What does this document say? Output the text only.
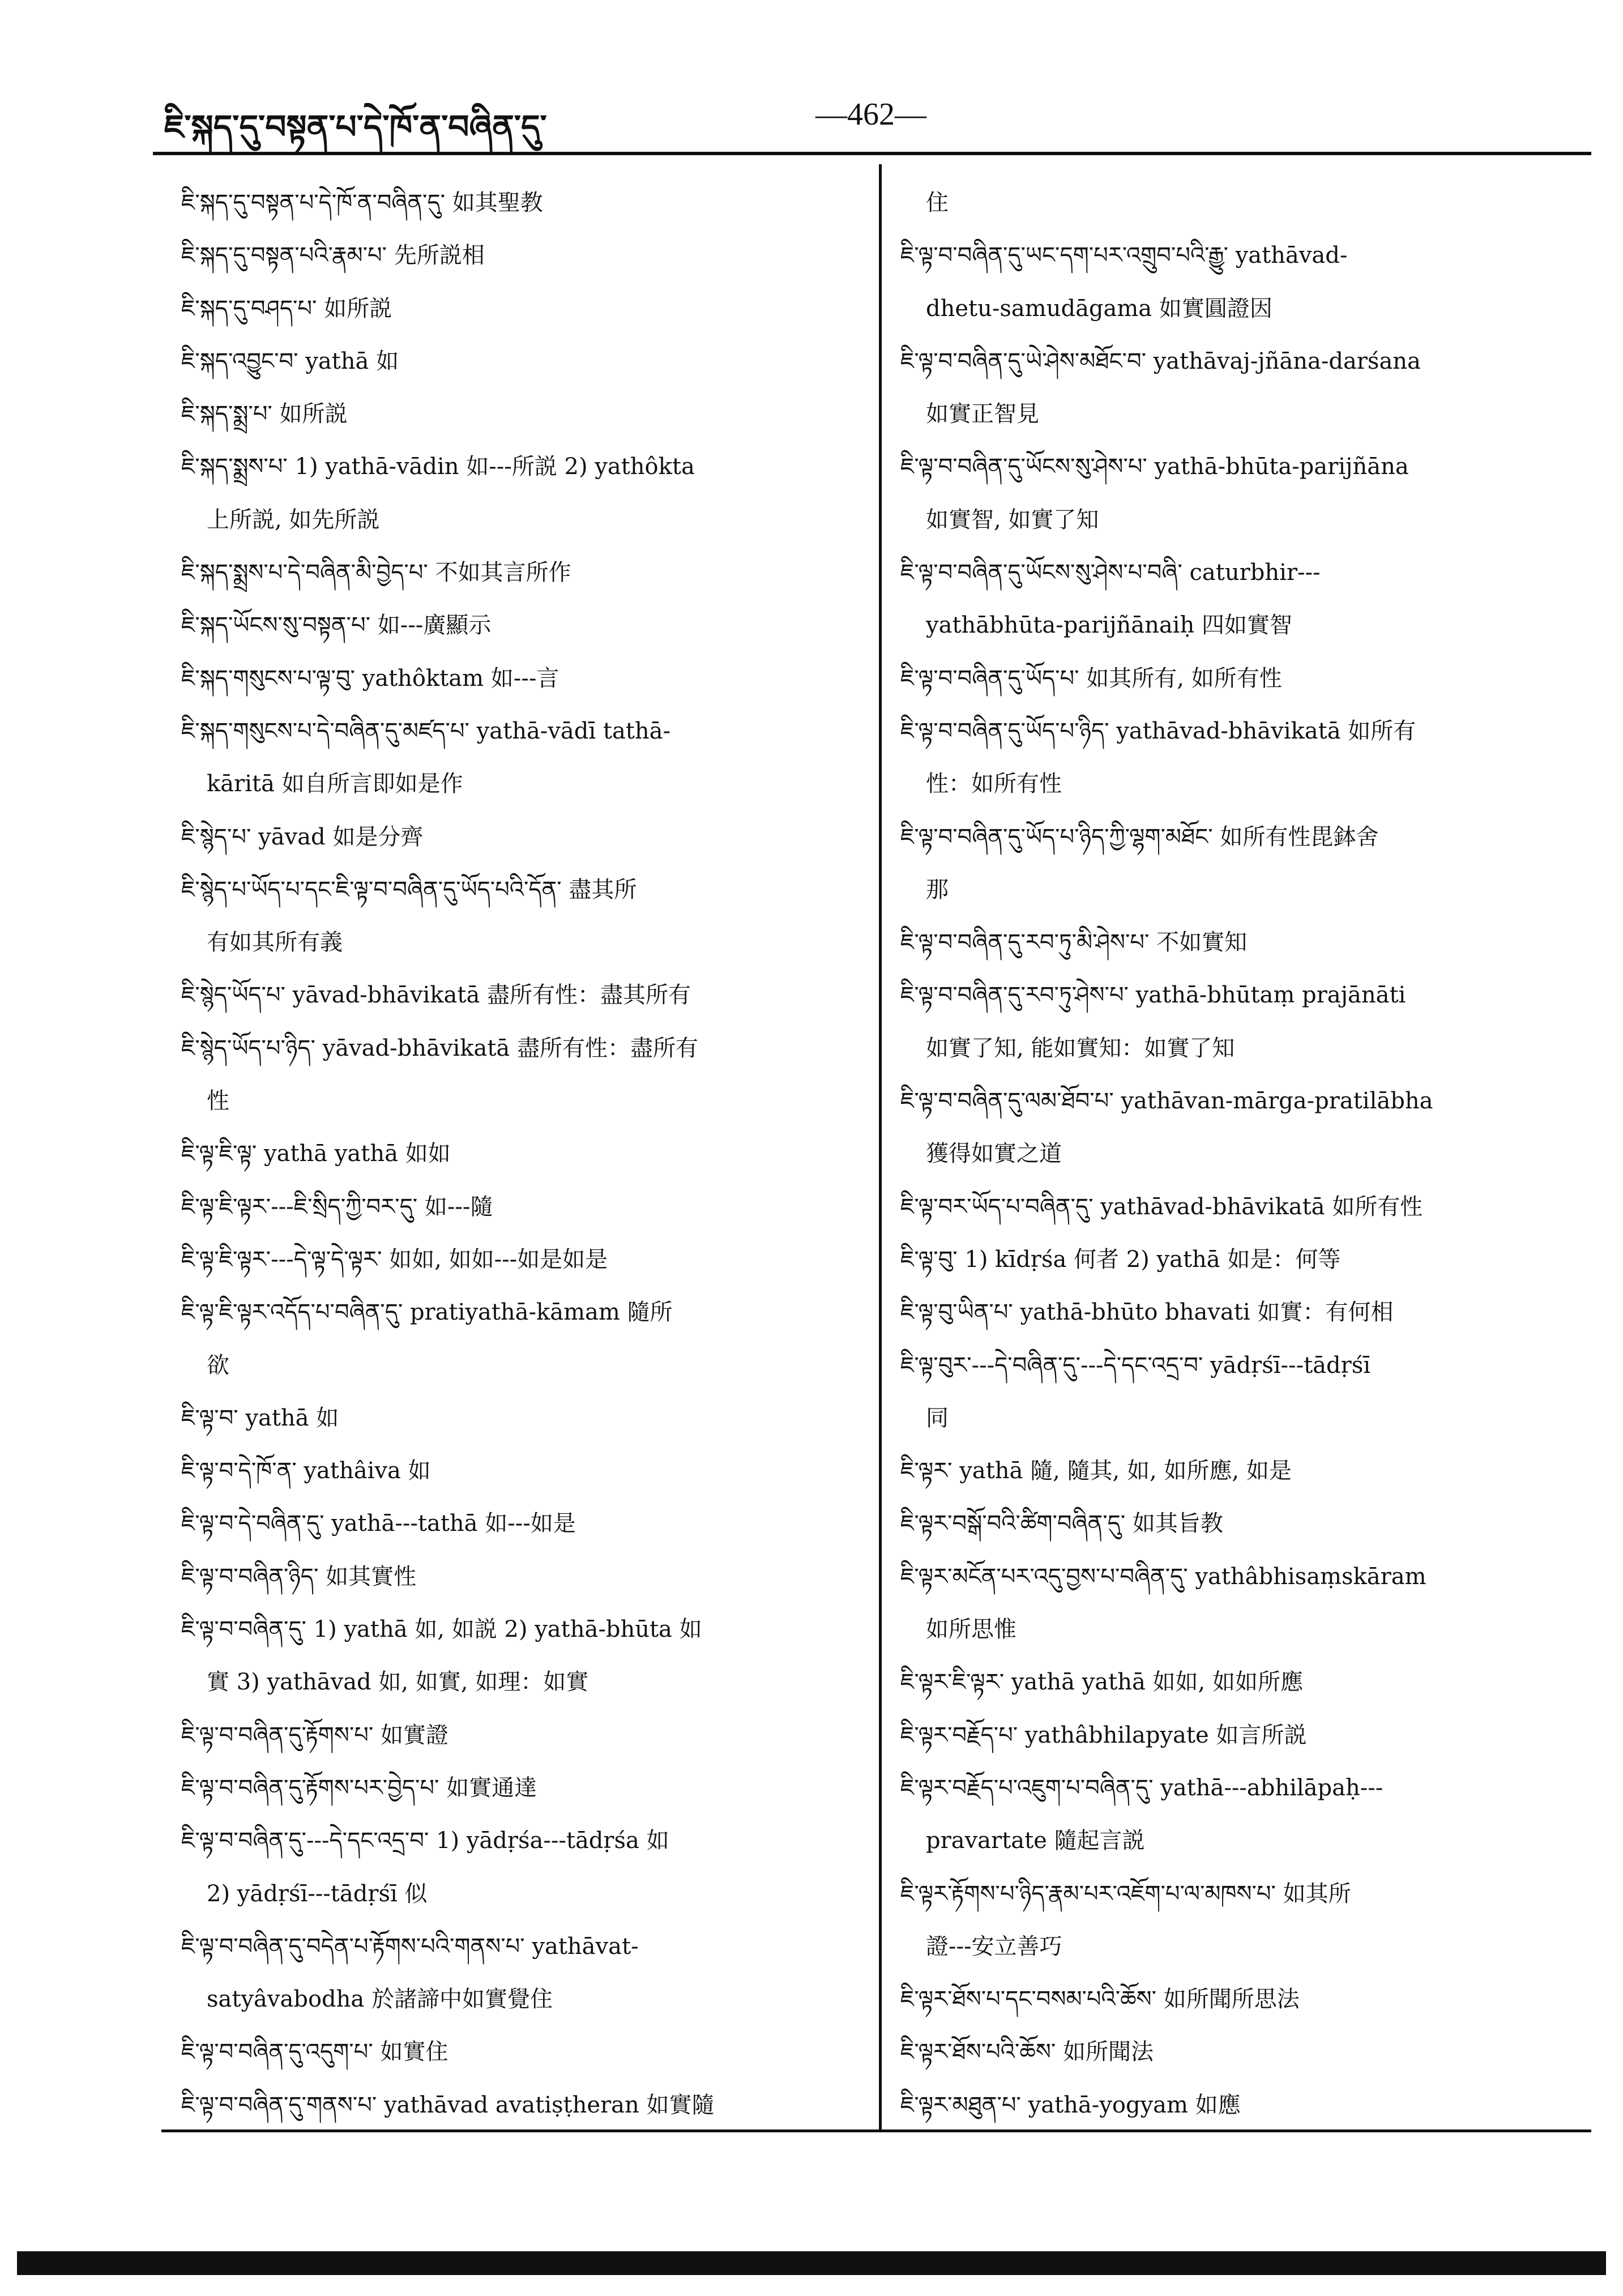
ཇི་སྐད་དུ་བསྟན་པ་དེ་ཁོ་ན་བཞིན་དུ་	—462—
ཇི་སྐད་དུ་བསྟན་པ་དེ་ཁོ་ན་བཞིན་དུ་ 如其聖教
ཇི་སྐད་དུ་བསྟན་པའི་རྣམ་པ་ 先所説相
ཇི་སྐད་དུ་བཤད་པ་ 如所説
ཇི་སྐད་འབྱུང་བ་ yathā 如
ཇི་སྐད་སྨྲ་པ་ 如所説
ཇི་སྐད་སྨྲས་པ་ 1) yathā-vādin 如---所説 2) yathôkta
上所説, 如先所説
ཇི་སྐད་སྨྲས་པ་དེ་བཞིན་མི་བྱེད་པ་ 不如其言所作
ཇི་སྐད་ཡོངས་སུ་བསྟན་པ་ 如---廣顯示
ཇི་སྐད་གསུངས་པ་ལྟ་བུ་ yathôktam 如---言
ཇི་སྐད་གསུངས་པ་དེ་བཞིན་དུ་མཛད་པ་ yathā-vādī tathā-
kāritā 如自所言即如是作
ཇི་སྙེད་པ་ yāvad 如是分齊
ཇི་སྙེད་པ་ཡོད་པ་དང་ཇི་ལྟ་བ་བཞིན་དུ་ཡོད་པའི་དོན་ 盡其所
有如其所有義
ཇི་སྙེད་ཡོད་པ་ yāvad-bhāvikatā 盡所有性：盡其所有
ཇི་སྙེད་ཡོད་པ་ཉིད་ yāvad-bhāvikatā 盡所有性：盡所有
性
ཇི་ལྟ་ཇི་ལྟ་ yathā yathā 如如
ཇི་ལྟ་ཇི་ལྟར་---ཇི་སྲིད་ཀྱི་བར་དུ་ 如---隨
ཇི་ལྟ་ཇི་ལྟར་---དེ་ལྟ་དེ་ལྟར་ 如如, 如如---如是如是
ཇི་ལྟ་ཇི་ལྟར་འདོད་པ་བཞིན་དུ་ pratiyathā-kāmam 隨所
欲
ཇི་ལྟ་བ་ yathā 如
ཇི་ལྟ་བ་དེ་ཁོ་ན་ yathâiva 如
ཇི་ལྟ་བ་དེ་བཞིན་དུ་ yathā---tathā 如---如是
ཇི་ལྟ་བ་བཞིན་ཉིད་ 如其實性
ཇི་ལྟ་བ་བཞིན་དུ་ 1) yathā 如, 如説 2) yathā-bhūta 如
實 3) yathāvad 如, 如實, 如理：如實
ཇི་ལྟ་བ་བཞིན་དུ་རྟོགས་པ་ 如實證
ཇི་ལྟ་བ་བཞིན་དུ་རྟོགས་པར་བྱེད་པ་ 如實通達
ཇི་ལྟ་བ་བཞིན་དུ་---དེ་དང་འདྲ་བ་ 1) yādṛśa---tādṛśa 如
2) yādṛśī---tādṛśī 似
ཇི་ལྟ་བ་བཞིན་དུ་བདེན་པ་རྟོགས་པའི་གནས་པ་ yathāvat-
satyâvabodha 於諸諦中如實覺住
ཇི་ལྟ་བ་བཞིན་དུ་འདུག་པ་ 如實住
ཇི་ལྟ་བ་བཞིན་དུ་གནས་པ་ yathāvad avatiṣṭheran 如實隨
住
ཇི་ལྟ་བ་བཞིན་དུ་ཡང་དག་པར་འགྲུབ་པའི་རྒྱུ་ yathāvad-
dhetu-samudāgama 如實圓證因
ཇི་ལྟ་བ་བཞིན་དུ་ཡེ་ཤེས་མཐོང་བ་ yathāvaj-jñāna-darśana
如實正智見
ཇི་ལྟ་བ་བཞིན་དུ་ཡོངས་སུ་ཤེས་པ་ yathā-bhūta-parijñāna
如實智, 如實了知
ཇི་ལྟ་བ་བཞིན་དུ་ཡོངས་སུ་ཤེས་པ་བཞི་ caturbhir---
yathābhūta-parijñānaiḥ 四如實智
ཇི་ལྟ་བ་བཞིན་དུ་ཡོད་པ་ 如其所有, 如所有性
ཇི་ལྟ་བ་བཞིན་དུ་ཡོད་པ་ཉིད་ yathāvad-bhāvikatā 如所有
性：如所有性
ཇི་ལྟ་བ་བཞིན་དུ་ཡོད་པ་ཉིད་ཀྱི་ལྷག་མཐོང་ 如所有性毘鉢舍
那
ཇི་ལྟ་བ་བཞིན་དུ་རབ་ཏུ་མི་ཤེས་པ་ 不如實知
ཇི་ལྟ་བ་བཞིན་དུ་རབ་ཏུ་ཤེས་པ་ yathā-bhūtaṃ prajānāti
如實了知, 能如實知：如實了知
ཇི་ལྟ་བ་བཞིན་དུ་ལམ་ཐོབ་པ་ yathāvan-mārga-pratilābha
獲得如實之道
ཇི་ལྟ་བར་ཡོད་པ་བཞིན་དུ་ yathāvad-bhāvikatā 如所有性
ཇི་ལྟ་བུ་ 1) kīdṛśa 何者 2) yathā 如是：何等
ཇི་ལྟ་བུ་ཡིན་པ་ yathā-bhūto bhavati 如實：有何相
ཇི་ལྟ་བུར་---དེ་བཞིན་དུ་---དེ་དང་འདྲ་བ་ yādṛśī---tādṛśī
同
ཇི་ལྟར་ yathā 隨, 隨其, 如, 如所應, 如是
ཇི་ལྟར་བསྒོ་བའི་ཚིག་བཞིན་དུ་ 如其旨教
ཇི་ལྟར་མངོན་པར་འདུ་བྱས་པ་བཞིན་དུ་ yathâbhisaṃskāram
如所思惟
ཇི་ལྟར་ཇི་ལྟར་ yathā yathā 如如, 如如所應
ཇི་ལྟར་བརྗོད་པ་ yathâbhilapyate 如言所説
ཇི་ལྟར་བརྗོད་པ་འཇུག་པ་བཞིན་དུ་ yathā---abhilāpaḥ---
pravartate 隨起言説
ཇི་ལྟར་རྟོགས་པ་ཉིད་རྣམ་པར་འཇོག་པ་ལ་མཁས་པ་ 如其所
證---安立善巧
ཇི་ལྟར་ཐོས་པ་དང་བསམ་པའི་ཆོས་ 如所聞所思法
ཇི་ལྟར་ཐོས་པའི་ཆོས་ 如所聞法
ཇི་ལྟར་མཐུན་པ་ yathā-yogyam 如應
